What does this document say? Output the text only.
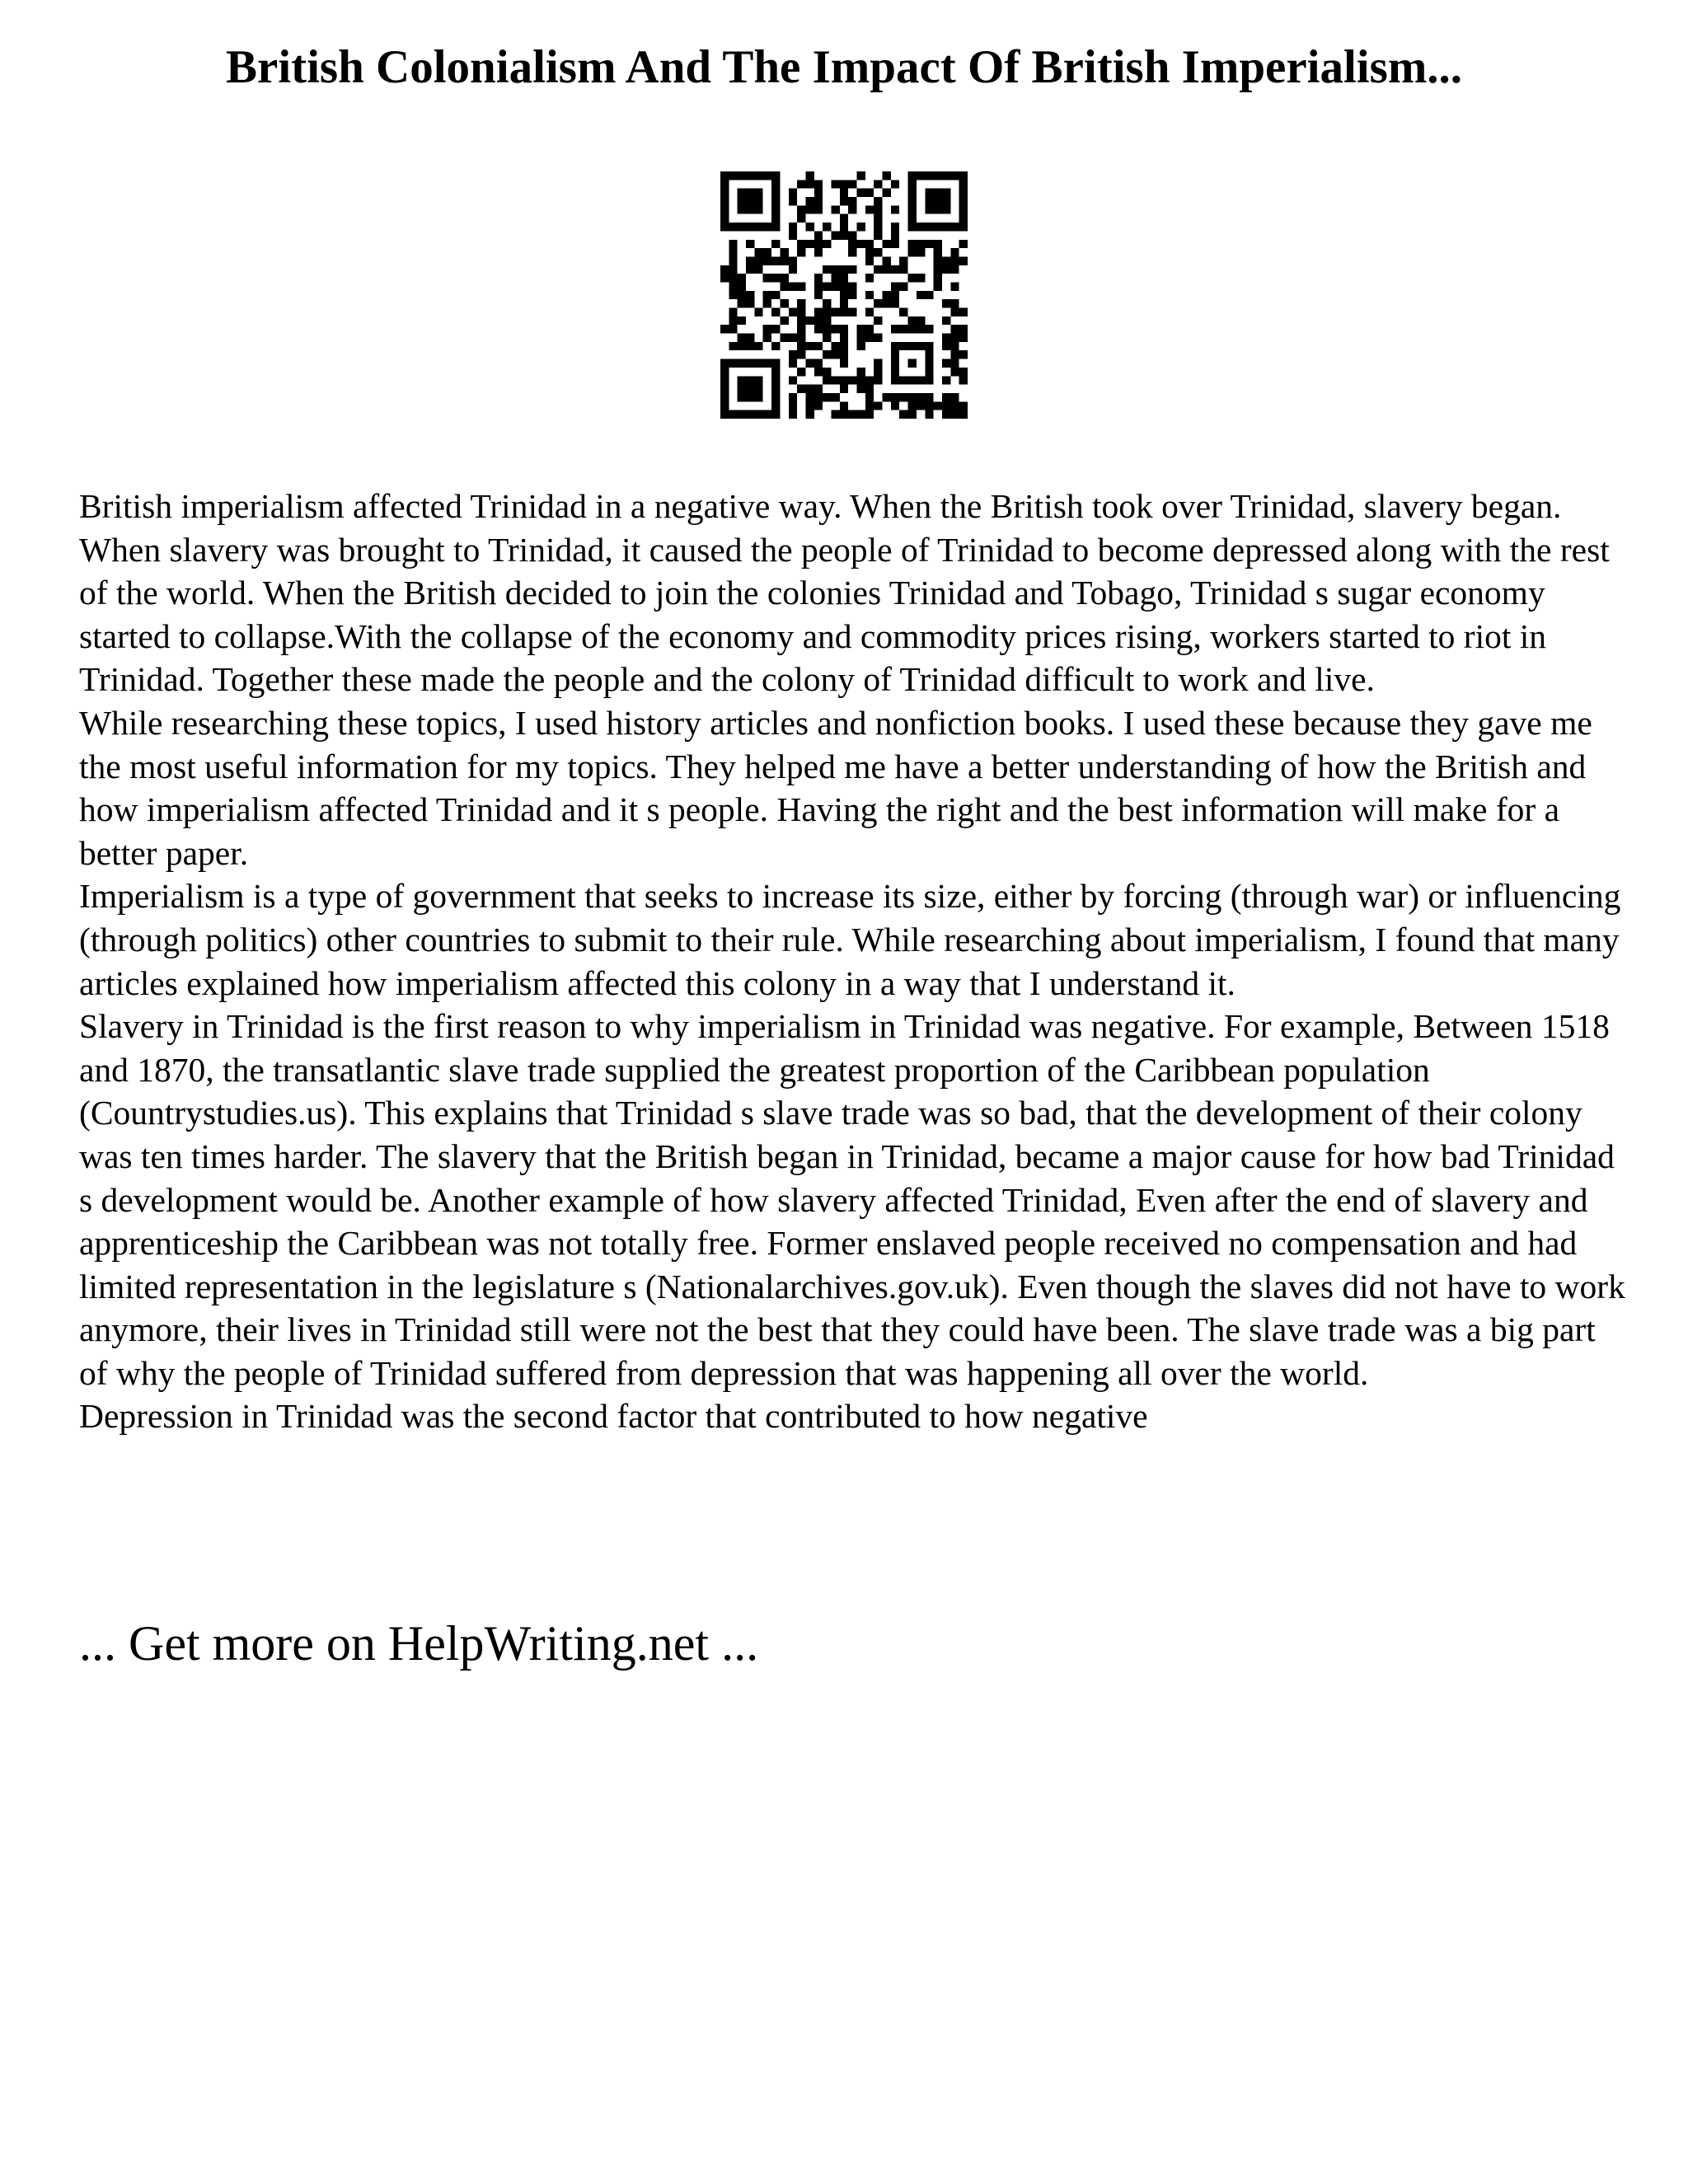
British Colonialism And The Impact Of British Imperialism...

British imperialism affected Trinidad in a negative way. When the British took over Trinidad, slavery began. When slavery was brought to Trinidad, it caused the people of Trinidad to become depressed along with the rest of the world. When the British decided to join the colonies Trinidad and Tobago, Trinidad s sugar economy started to collapse.With the collapse of the economy and commodity prices rising, workers started to riot in Trinidad. Together these made the people and the colony of Trinidad difficult to work and live.

While researching these topics, I used history articles and nonfiction books. I used these because they gave me the most useful information for my topics. They helped me have a better understanding of how the British and how imperialism affected Trinidad and it s people. Having the right and the best information will make for a better paper.

Imperialism is a type of government that seeks to increase its size, either by forcing (through war) or influencing (through politics) other countries to submit to their rule. While researching about imperialism, I found that many articles explained how imperialism affected this colony in a way that I understand it.

Slavery in Trinidad is the first reason to why imperialism in Trinidad was negative. For example, Between 1518 and 1870, the transatlantic slave trade supplied the greatest proportion of the Caribbean population (Countrystudies.us). This explains that Trinidad s slave trade was so bad, that the development of their colony was ten times harder. The slavery that the British began in Trinidad, became a major cause for how bad Trinidad s development would be. Another example of how slavery affected Trinidad, Even after the end of slavery and apprenticeship the Caribbean was not totally free. Former enslaved people received no compensation and had limited representation in the legislature s (Nationalarchives.gov.uk). Even though the slaves did not have to work anymore, their lives in Trinidad still were not the best that they could have been. The slave trade was a big part of why the people of Trinidad suffered from depression that was happening all over the world.

Depression in Trinidad was the second factor that contributed to how negative

... Get more on HelpWriting.net ...
